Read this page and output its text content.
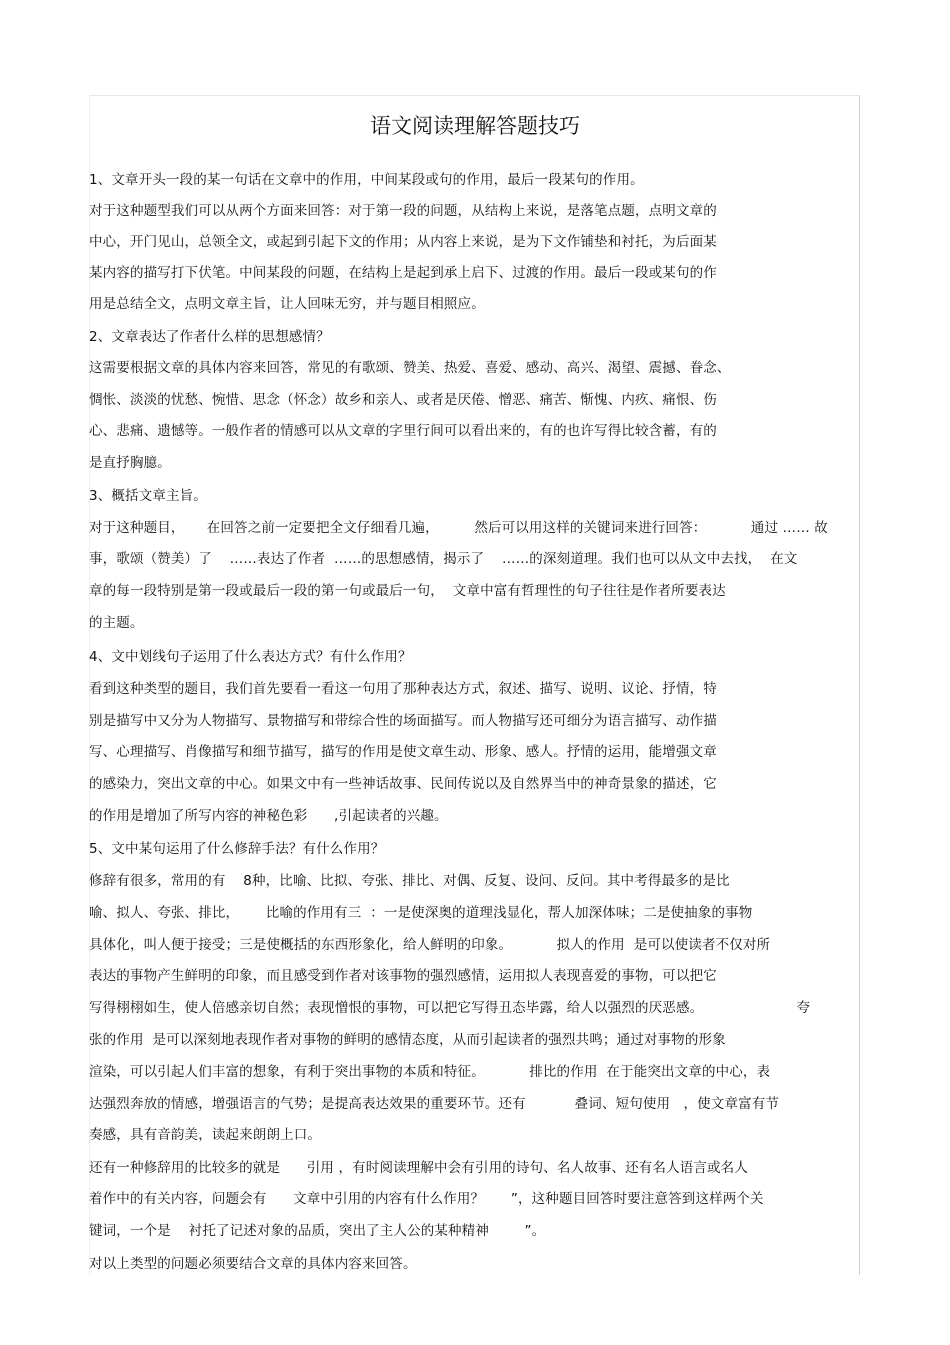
语文阅读理解答题技巧

1、文章开头一段的某一句话在文章中的作用，中间某段或句的作用，最后一段某句的作用。

对于这种题型我们可以从两个方面来回答：对于第一段的问题，从结构上来说，是落笔点题，点明文章的

中心，开门见山，总领全文，或起到引起下文的作用；从内容上来说，是为下文作铺垫和衬托，为后面某

某内容的描写打下伏笔。中间某段的问题，在结构上是起到承上启下、过渡的作用。最后一段或某句的作

用是总结全文，点明文章主旨，让人回味无穷，并与题目相照应。

2、文章表达了作者什么样的思想感情？

这需要根据文章的具体内容来回答，常见的有歌颂、赞美、热爱、喜爱、感动、高兴、渴望、震撼、眷念、

惆怅、淡淡的忧愁、惋惜、思念（怀念）故乡和亲人、或者是厌倦、憎恶、痛苦、惭愧、内疚、痛恨、伤

心、悲痛、遗憾等。一般作者的情感可以从文章的字里行间可以看出来的，有的也许写得比较含蓄，有的

是直抒胸臆。

3、概括文章主旨。

对于这种题目，     在回答之前一定要把全文仔细看几遍，        然后可以用这样的关键词来进行回答：          通过 …… 故

事，歌颂（赞美）了    ……表达了作者  ……的思想感情，揭示了    ……的深刻道理。我们也可以从文中去找，  在文

章的每一段特别是第一段或最后一段的第一句或最后一句，  文章中富有哲理性的句子往往是作者所要表达

的主题。

4、文中划线句子运用了什么表达方式？有什么作用？

看到这种类型的题目，我们首先要看一看这一句用了那种表达方式，叙述、描写、说明、议论、抒情，特

别是描写中又分为人物描写、景物描写和带综合性的场面描写。而人物描写还可细分为语言描写、动作描

写、心理描写、肖像描写和细节描写，描写的作用是使文章生动、形象、感人。抒情的运用，能增强文章

的感染力，突出文章的中心。如果文中有一些神话故事、民间传说以及自然界当中的神奇景象的描述，它

的作用是增加了所写内容的神秘色彩      ,引起读者的兴趣。

5、文中某句运用了什么修辞手法？有什么作用？

修辞有很多，常用的有    8种，比喻、比拟、夸张、排比、对偶、反复、设问、反问。其中考得最多的是比

喻、拟人、夸张、排比，      比喻的作用有三  ：一是使深奥的道理浅显化，帮人加深体味；二是使抽象的事物

具体化，叫人便于接受；三是使概括的东西形象化，给人鲜明的印象。          拟人的作用  是可以使读者不仅对所

表达的事物产生鲜明的印象，而且感受到作者对该事物的强烈感情，运用拟人表现喜爱的事物，可以把它

写得栩栩如生，使人倍感亲切自然；表现憎恨的事物，可以把它写得丑态毕露，给人以强烈的厌恶感。                     夸

张的作用  是可以深刻地表现作者对事物的鲜明的感情态度，从而引起读者的强烈共鸣；通过对事物的形象

渲染，可以引起人们丰富的想象，有利于突出事物的本质和特征。          排比的作用  在于能突出文章的中心，表

达强烈奔放的情感，增强语言的气势；是提高表达效果的重要环节。还有           叠词、短句使用   ，使文章富有节

奏感，具有音韵美，读起来朗朗上口。

还有一种修辞用的比较多的就是      引用 ，有时阅读理解中会有引用的诗句、名人故事、还有名人语言或名人

着作中的有关内容，问题会有      文章中引用的内容有什么作用？      ”，这种题目回答时要注意答到这样两个关

键词，一个是    衬托了记述对象的品质，突出了主人公的某种精神        ”。

对以上类型的问题必须要结合文章的具体内容来回答。
